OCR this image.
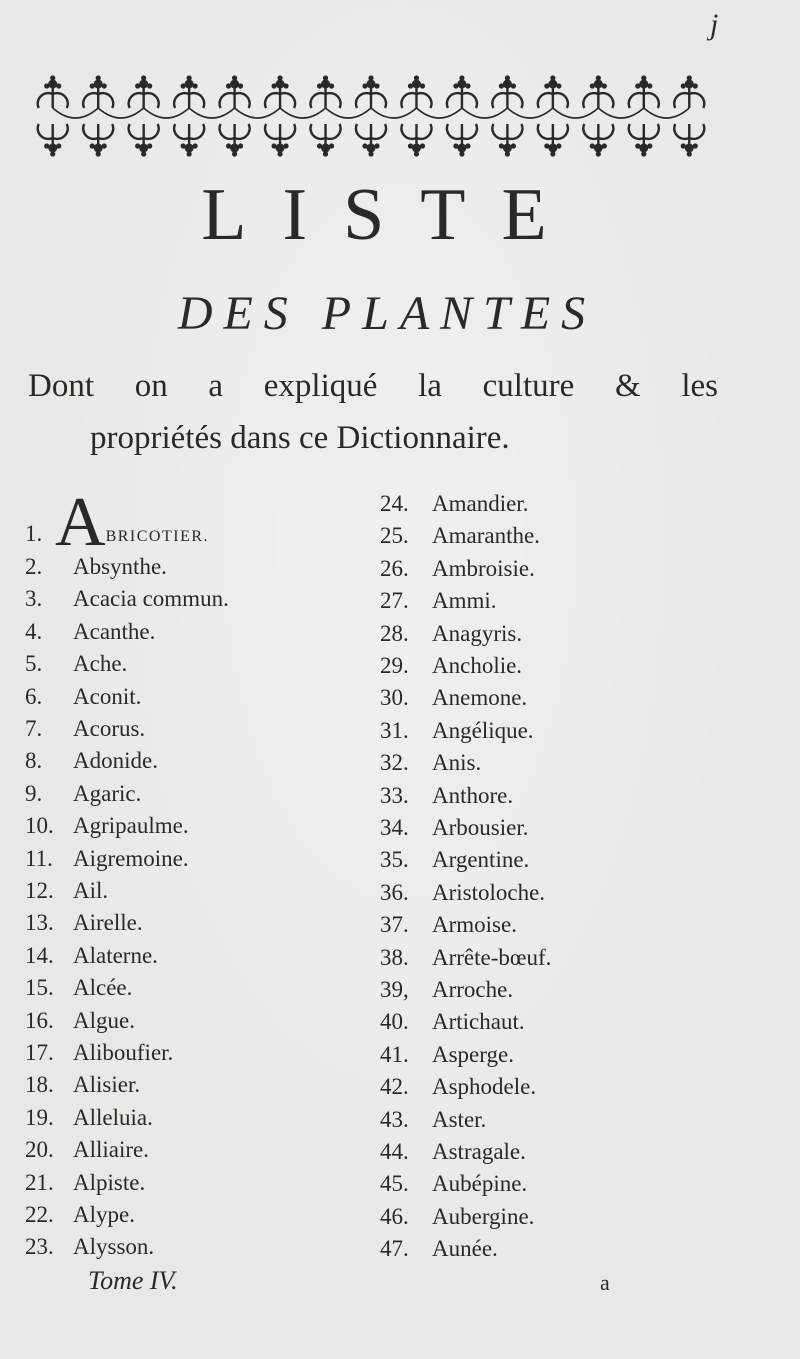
j
LISTE
DES PLANTES
Dont on a expliqué la culture & les
propriétés dans ce Dictionnaire.
1. ABRICOTIER.
2. Absynthe.
3. Acacia commun.
4. Acanthe.
5. Ache.
6. Aconit.
7. Acorus.
8. Adonide.
9. Agaric.
10. Agripaulme.
11. Aigremoine.
12. Ail.
13. Airelle.
14. Alaterne.
15. Alcée.
16. Algue.
17. Aliboufier.
18. Alisier.
19. Alleluia.
20. Alliaire.
21. Alpiste.
22. Alype.
23. Alysson.
24. Amandier.
25. Amaranthe.
26. Ambroisie.
27. Ammi.
28. Anagyris.
29. Ancholie.
30. Anemone.
31. Angélique.
32. Anis.
33. Anthore.
34. Arbousier.
35. Argentine.
36. Aristoloche.
37. Armoise.
38. Arrête-bœuf.
39, Arroche.
40. Artichaut.
41. Asperge.
42. Asphodele.
43. Aster.
44. Astragale.
45. Aubépine.
46. Aubergine.
47. Aunée.
Tome IV.	a
